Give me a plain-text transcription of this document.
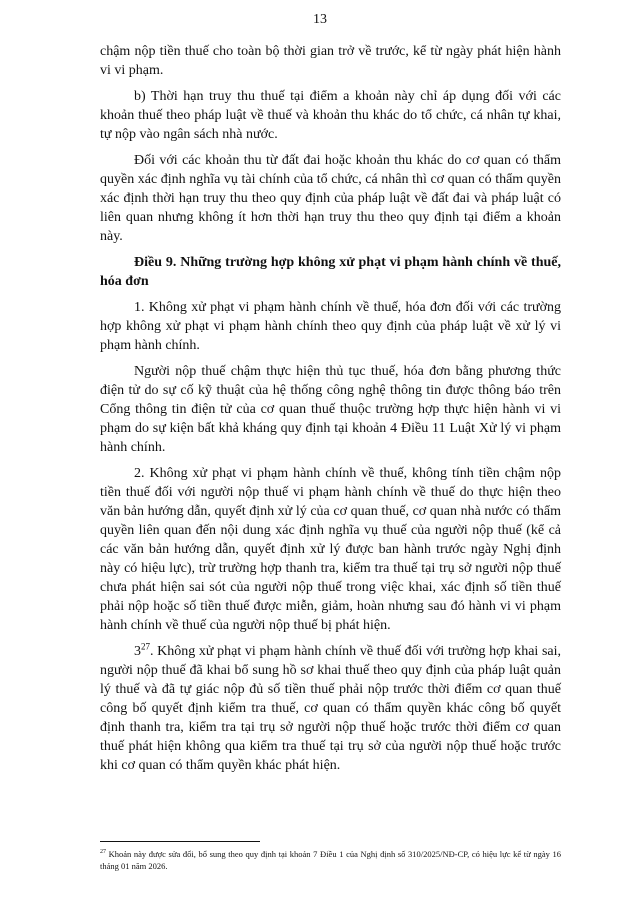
13

chậm nộp tiền thuế cho toàn bộ thời gian trở về trước, kể từ ngày phát hiện hành vi vi phạm.

b) Thời hạn truy thu thuế tại điểm a khoản này chỉ áp dụng đối với các khoản thuế theo pháp luật về thuế và khoản thu khác do tổ chức, cá nhân tự khai, tự nộp vào ngân sách nhà nước.

Đối với các khoản thu từ đất đai hoặc khoản thu khác do cơ quan có thẩm quyền xác định nghĩa vụ tài chính của tổ chức, cá nhân thì cơ quan có thẩm quyền xác định thời hạn truy thu theo quy định của pháp luật về đất đai và pháp luật có liên quan nhưng không ít hơn thời hạn truy thu theo quy định tại điểm a khoản này.

Điều 9. Những trường hợp không xử phạt vi phạm hành chính về thuế, hóa đơn

1. Không xử phạt vi phạm hành chính về thuế, hóa đơn đối với các trường hợp không xử phạt vi phạm hành chính theo quy định của pháp luật về xử lý vi phạm hành chính.

Người nộp thuế chậm thực hiện thủ tục thuế, hóa đơn bằng phương thức điện tử do sự cố kỹ thuật của hệ thống công nghệ thông tin được thông báo trên Cổng thông tin điện tử của cơ quan thuế thuộc trường hợp thực hiện hành vi vi phạm do sự kiện bất khả kháng quy định tại khoản 4 Điều 11 Luật Xử lý vi phạm hành chính.

2. Không xử phạt vi phạm hành chính về thuế, không tính tiền chậm nộp tiền thuế đối với người nộp thuế vi phạm hành chính về thuế do thực hiện theo văn bản hướng dẫn, quyết định xử lý của cơ quan thuế, cơ quan nhà nước có thẩm quyền liên quan đến nội dung xác định nghĩa vụ thuế của người nộp thuế (kể cả các văn bản hướng dẫn, quyết định xử lý được ban hành trước ngày Nghị định này có hiệu lực), trừ trường hợp thanh tra, kiểm tra thuế tại trụ sở người nộp thuế chưa phát hiện sai sót của người nộp thuế trong việc khai, xác định số tiền thuế phải nộp hoặc số tiền thuế được miễn, giảm, hoàn nhưng sau đó hành vi vi phạm hành chính về thuế của người nộp thuế bị phát hiện.

$3^{27}$. Không xử phạt vi phạm hành chính về thuế đối với trường hợp khai sai, người nộp thuế đã khai bổ sung hồ sơ khai thuế theo quy định của pháp luật quản lý thuế và đã tự giác nộp đủ số tiền thuế phải nộp trước thời điểm cơ quan thuế công bố quyết định kiểm tra thuế, cơ quan có thẩm quyền khác công bố quyết định thanh tra, kiểm tra tại trụ sở người nộp thuế hoặc trước thời điểm cơ quan thuế phát hiện không qua kiểm tra thuế tại trụ sở của người nộp thuế hoặc trước khi cơ quan có thẩm quyền khác phát hiện.

$^{27}$ Khoản này được sửa đổi, bổ sung theo quy định tại khoản 7 Điều 1 của Nghị định số 310/2025/NĐ-CP, có hiệu lực kể từ ngày 16 tháng 01 năm 2026.
